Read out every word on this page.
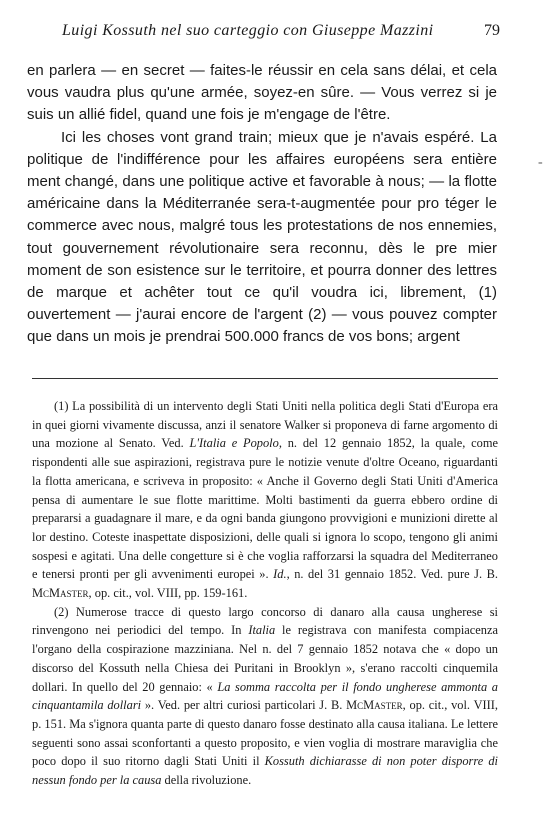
Luigi Kossuth nel suo carteggio con Giuseppe Mazzini	79
-

en parlera — en secret — faites-le réussir en cela sans délai, et cela vous vaudra plus qu'une armée, soyez-en sûre. — Vous verrez si je suis un allié fidel, quand une fois je m'engage de l'être.

Ici les choses vont grand train; mieux que je n'avais espéré. La politique de l'indifférence pour les affaires européens sera entière ment changé, dans une politique active et favorable à nous; — la flotte américaine dans la Méditerranée sera-t-augmentée pour pro téger le commerce avec nous, malgré tous les protestations de nos ennemies, tout gouvernement révolutionaire sera reconnu, dès le pre mier moment de son esistence sur le territoire, et pourra donner des lettres de marque et achêter tout ce qu'il voudra ici, librement, (1) ouvertement — j'aurai encore de l'argent (2) — vous pouvez compter que dans un mois je prendrai 500.000 francs de vos bons; argent

(1) La possibilità di un intervento degli Stati Uniti nella politica degli Stati d'Europa era in quei giorni vivamente discussa, anzi il senatore Walker si proponeva di farne argomento di una mozione al Senato. Ved. L'Italia e Popolo, n. del 12 gennaio 1852, la quale, come rispondenti alle sue aspirazioni, registrava pure le notizie venute d'oltre Oceano, riguardanti la flotta americana, e scriveva in proposito: « Anche il Governo degli Stati Uniti d'America pensa di aumentare le sue flotte marittime. Molti bastimenti da guerra ebbero ordine di prepararsi a guadagnare il mare, e da ogni banda giungono provvigioni e munizioni dirette al lor destino. Coteste inaspettate disposizioni, delle quali si ignora lo scopo, tengono gli animi sospesi e agitati. Una delle congetture si è che voglia rafforzarsi la squadra del Mediterraneo e tenersi pronti per gli avvenimenti europei ». Id., n. del 31 gennaio 1852. Ved. pure J. B. McMaster, op. cit., vol. VIII, pp. 159-161.

(2) Numerose tracce di questo largo concorso di danaro alla causa ungherese si rinvengono nei periodici del tempo. In Italia le registrava con manifesta compiacenza l'organo della cospirazione mazziniana. Nel n. del 7 gennaio 1852 notava che « dopo un discorso del Kossuth nella Chiesa dei Puritani in Brooklyn », s'erano raccolti cinquemila dollari. In quello del 20 gennaio: « La somma raccolta per il fondo ungherese ammonta a cinquantamila dollari ». Ved. per altri curiosi particolari J. B. McMaster, op. cit., vol. VIII, p. 151. Ma s'ignora quanta parte di questo danaro fosse destinato alla causa italiana. Le lettere seguenti sono assai sconfortanti a questo proposito, e vien voglia di mostrare maraviglia che poco dopo il suo ritorno dagli Stati Uniti il Kossuth dichiarasse di non poter disporre di nessun fondo per la causa della rivoluzione.
